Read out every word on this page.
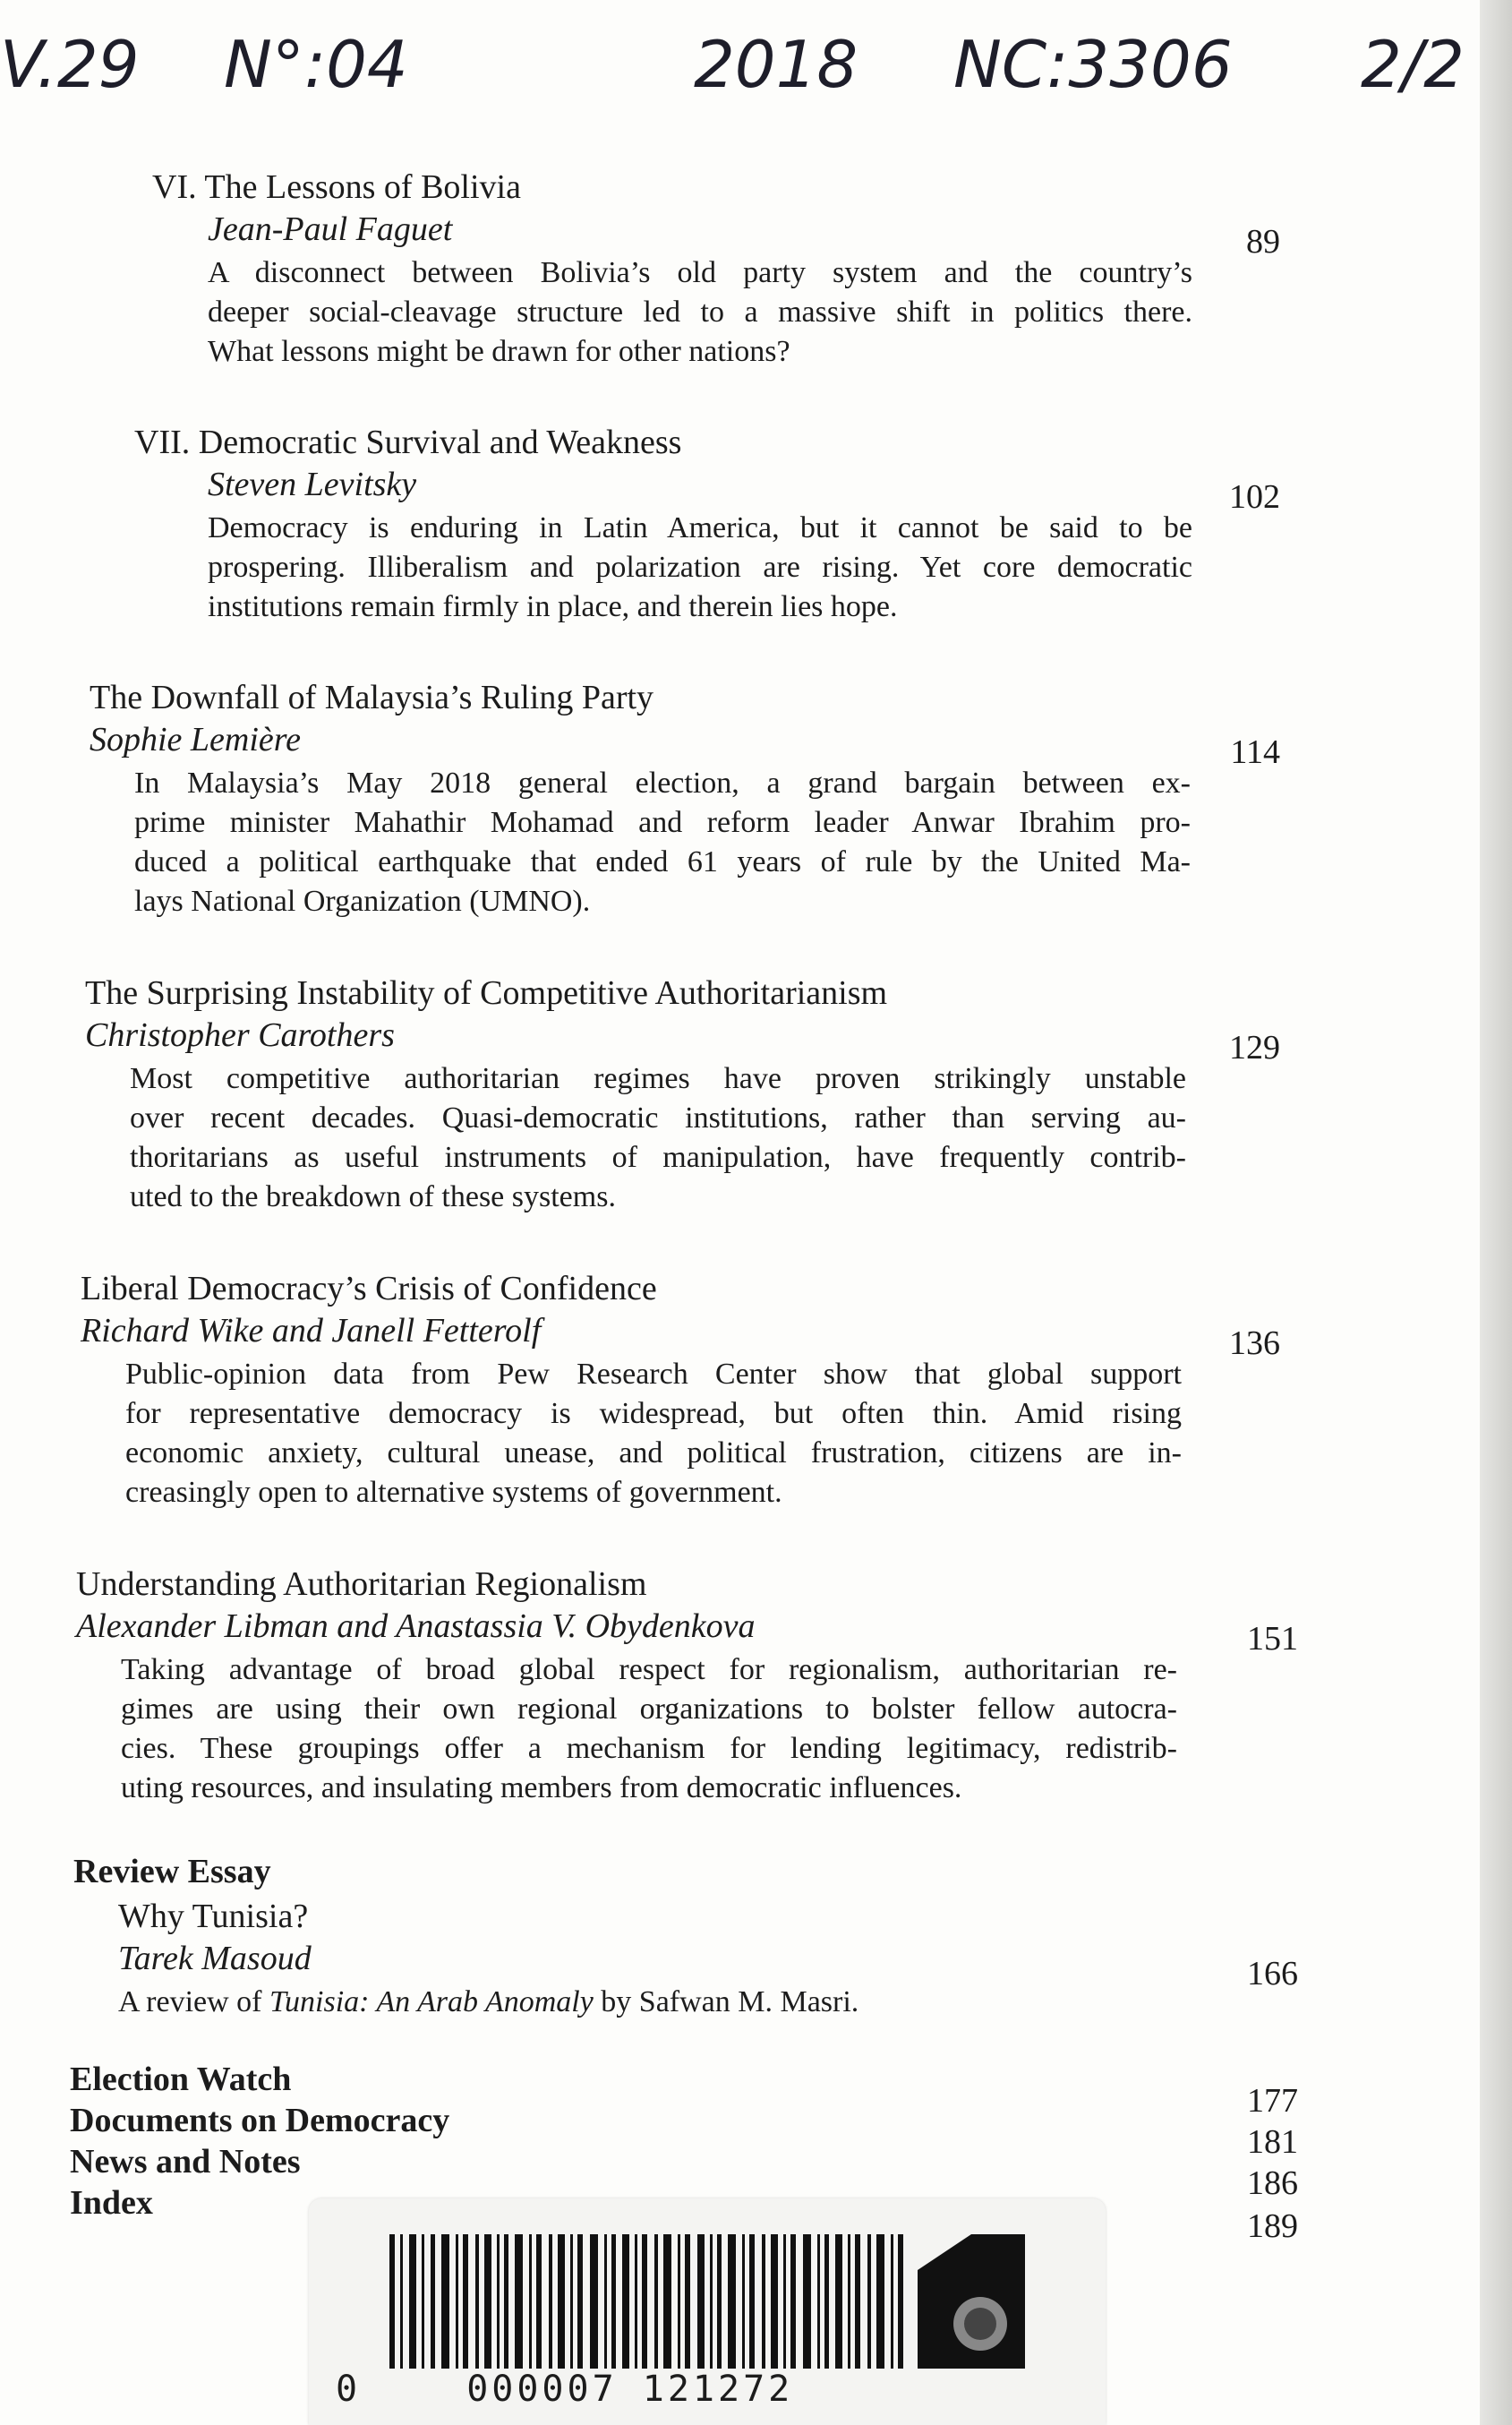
V.29 N°:04	2018 NC:3306 2/2
VI. The Lessons of Bolivia
Jean-Paul Faguet
A disconnect between Bolivia’s old party system and the country’s
deeper social-cleavage structure led to a massive shift in politics there.
What lessons might be drawn for other nations?
89
VII. Democratic Survival and Weakness
Steven Levitsky
Democracy is enduring in Latin America, but it cannot be said to be
prospering. Illiberalism and polarization are rising. Yet core democratic
institutions remain firmly in place, and therein lies hope.
102
The Downfall of Malaysia’s Ruling Party
Sophie Lemière
In Malaysia’s May 2018 general election, a grand bargain between ex-
prime minister Mahathir Mohamad and reform leader Anwar Ibrahim pro-
duced a political earthquake that ended 61 years of rule by the United Ma-
lays National Organization (UMNO).
114
The Surprising Instability of Competitive Authoritarianism
Christopher Carothers
Most competitive authoritarian regimes have proven strikingly unstable
over recent decades. Quasi-democratic institutions, rather than serving au-
thoritarians as useful instruments of manipulation, have frequently contrib-
uted to the breakdown of these systems.
129
Liberal Democracy’s Crisis of Confidence
Richard Wike and Janell Fetterolf
Public-opinion data from Pew Research Center show that global support
for representative democracy is widespread, but often thin. Amid rising
economic anxiety, cultural unease, and political frustration, citizens are in-
creasingly open to alternative systems of government.
136
Understanding Authoritarian Regionalism
Alexander Libman and Anastassia V. Obydenkova
Taking advantage of broad global respect for regionalism, authoritarian re-
gimes are using their own regional organizations to bolster fellow autocra-
cies. These groupings offer a mechanism for lending legitimacy, redistrib-
uting resources, and insulating members from democratic influences.
151
Review Essay
Why Tunisia?
Tarek Masoud
A review of Tunisia: An Arab Anomaly by Safwan M. Masri.
166
Election Watch
177
Documents on Democracy
181
News and Notes
186
Index
189
0	000007 121272
